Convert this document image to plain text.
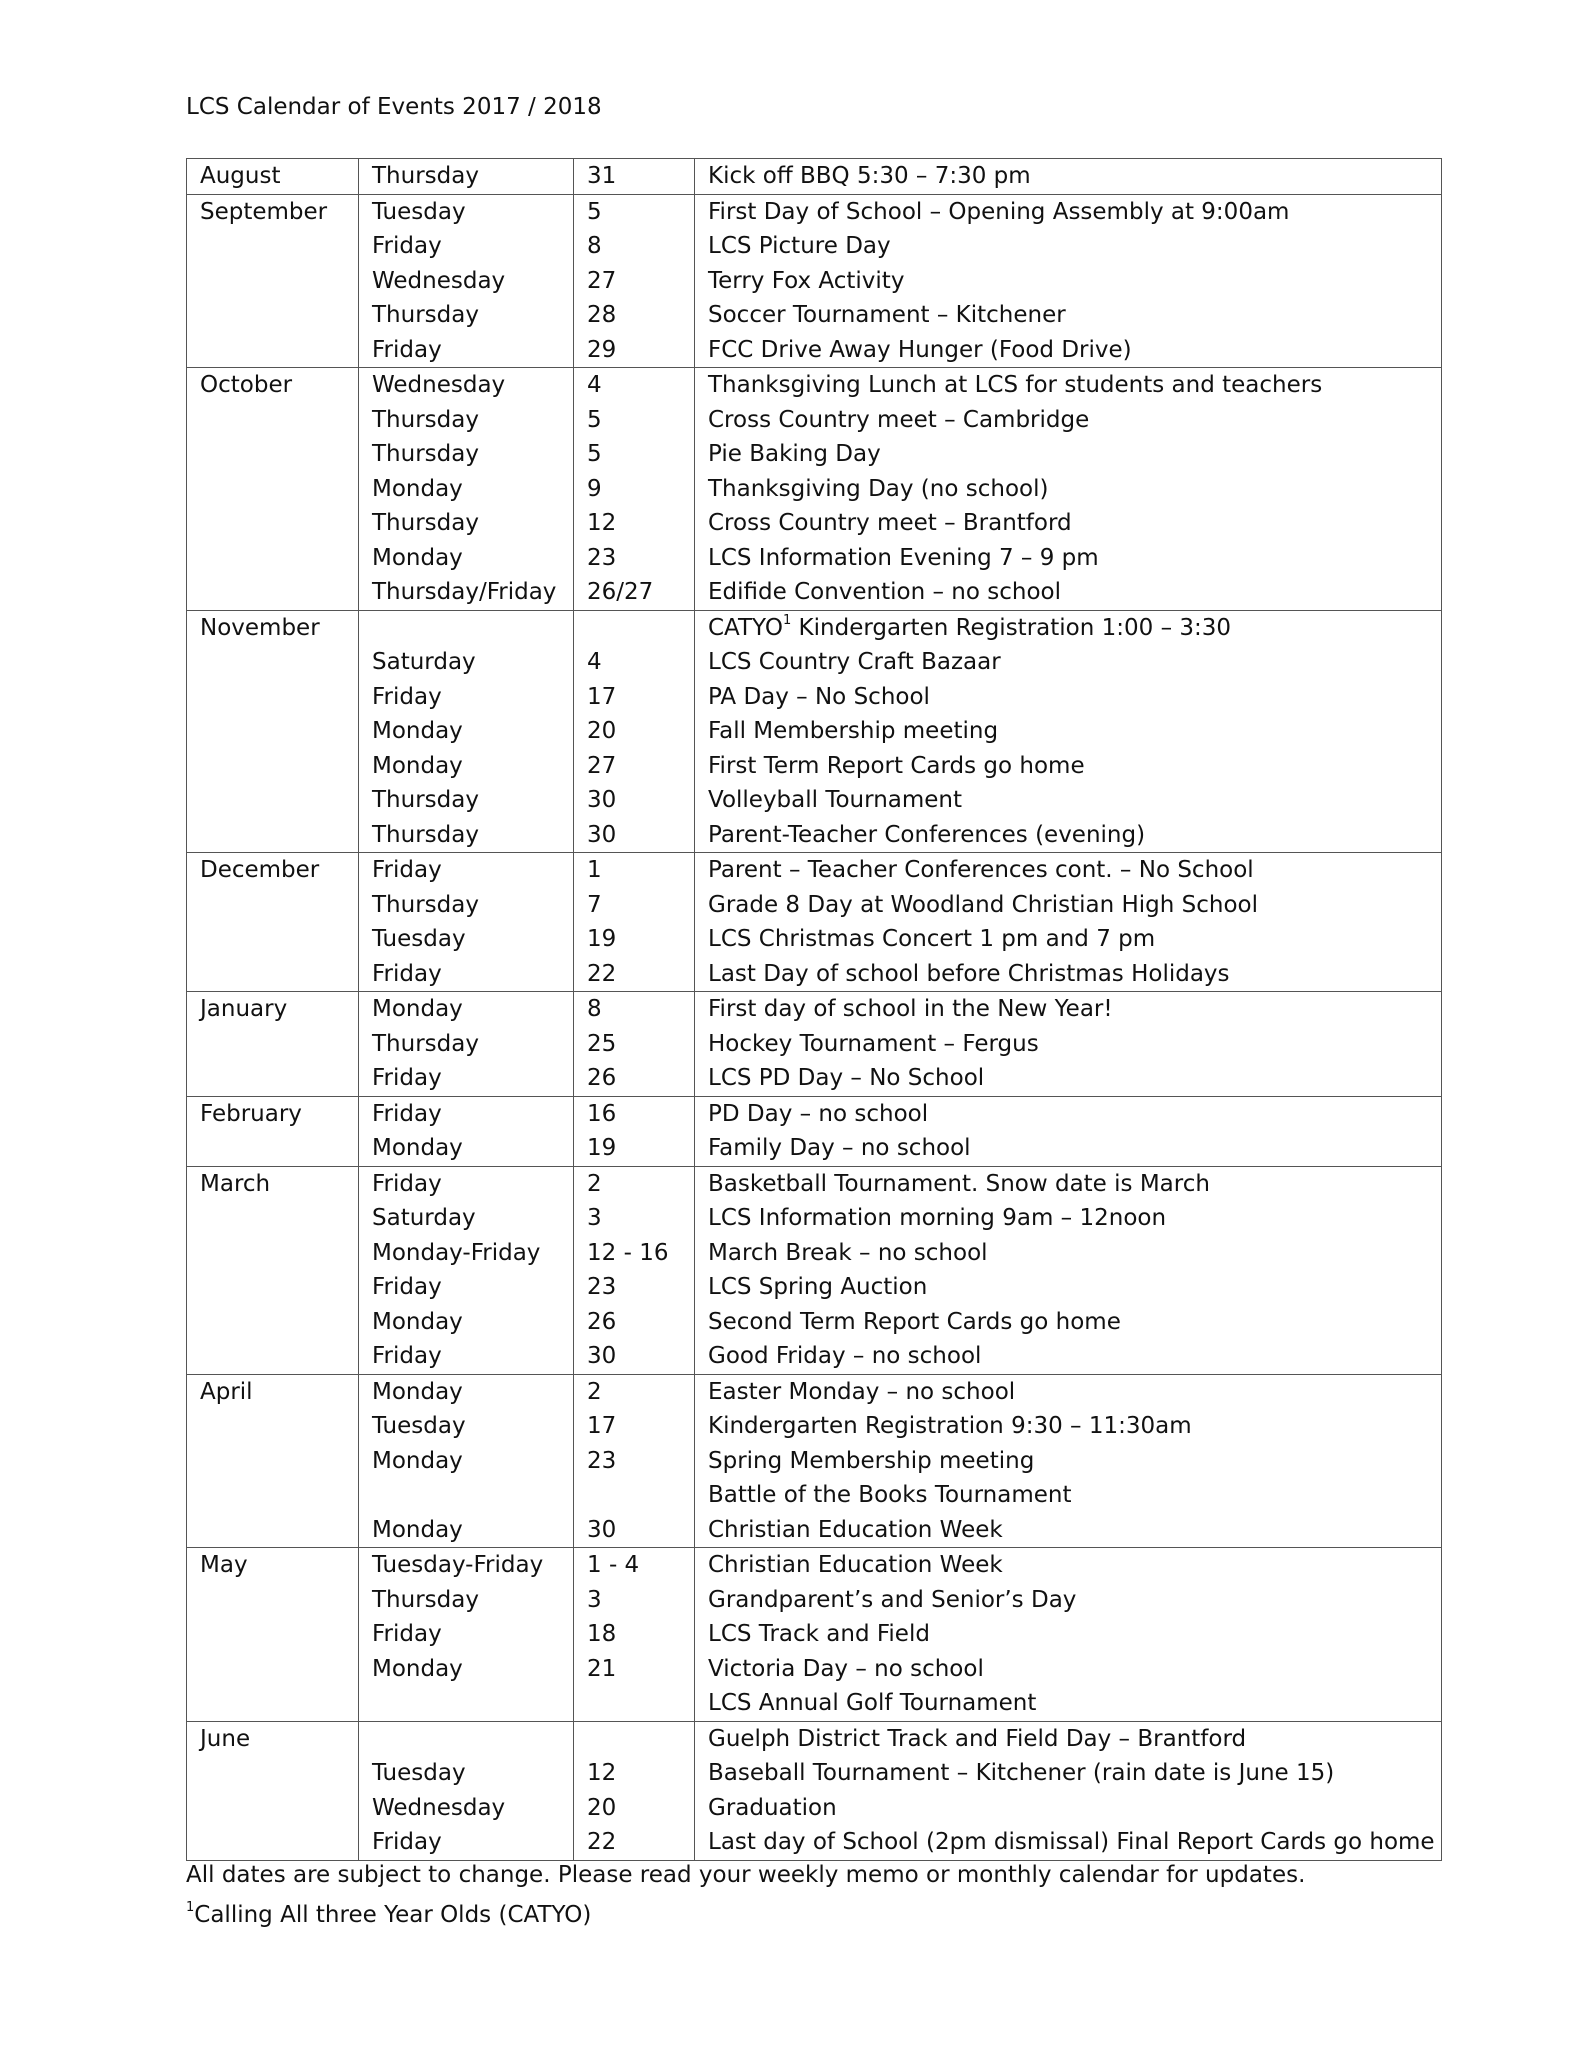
LCS Calendar of Events 2017 / 2018
August	Thursday	31	Kick off BBQ 5:30 – 7:30 pm
September	Tuesday	5	First Day of School – Opening Assembly at 9:00am
	Friday	8	LCS Picture Day
	Wednesday	27	Terry Fox Activity
	Thursday	28	Soccer Tournament – Kitchener
	Friday	29	FCC Drive Away Hunger (Food Drive)
October	Wednesday	4	Thanksgiving Lunch at LCS for students and teachers
	Thursday	5	Cross Country meet – Cambridge
	Thursday	5	Pie Baking Day
	Monday	9	Thanksgiving Day (no school)
	Thursday	12	Cross Country meet – Brantford
	Monday	23	LCS Information Evening 7 – 9 pm
	Thursday/Friday	26/27	Edifide Convention – no school
November			CATYO$^1$ Kindergarten Registration 1:00 – 3:30
	Saturday	4	LCS Country Craft Bazaar
	Friday	17	PA Day – No School
	Monday	20	Fall Membership meeting
	Monday	27	First Term Report Cards go home
	Thursday	30	Volleyball Tournament
	Thursday	30	Parent-Teacher Conferences (evening)
December	Friday	1	Parent – Teacher Conferences cont. – No School
	Thursday	7	Grade 8 Day at Woodland Christian High School
	Tuesday	19	LCS Christmas Concert 1 pm and 7 pm
	Friday	22	Last Day of school before Christmas Holidays
January	Monday	8	First day of school in the New Year!
	Thursday	25	Hockey Tournament – Fergus
	Friday	26	LCS PD Day – No School
February	Friday	16	PD Day – no school
	Monday	19	Family Day – no school
March	Friday	2	Basketball Tournament. Snow date is March
	Saturday	3	LCS Information morning 9am – 12noon
	Monday-Friday	12 - 16	March Break – no school
	Friday	23	LCS Spring Auction
	Monday	26	Second Term Report Cards go home
	Friday	30	Good Friday – no school
April	Monday	2	Easter Monday – no school
	Tuesday	17	Kindergarten Registration 9:30 – 11:30am
	Monday	23	Spring Membership meeting
			Battle of the Books Tournament
	Monday	30	Christian Education Week
May	Tuesday-Friday	1 - 4	Christian Education Week
	Thursday	3	Grandparent’s and Senior’s Day
	Friday	18	LCS Track and Field
	Monday	21	Victoria Day – no school
			LCS Annual Golf Tournament
June			Guelph District Track and Field Day – Brantford
	Tuesday	12	Baseball Tournament – Kitchener (rain date is June 15)
	Wednesday	20	Graduation
	Friday	22	Last day of School (2pm dismissal) Final Report Cards go home
All dates are subject to change. Please read your weekly memo or monthly calendar for updates.
$^1$Calling All three Year Olds (CATYO)
